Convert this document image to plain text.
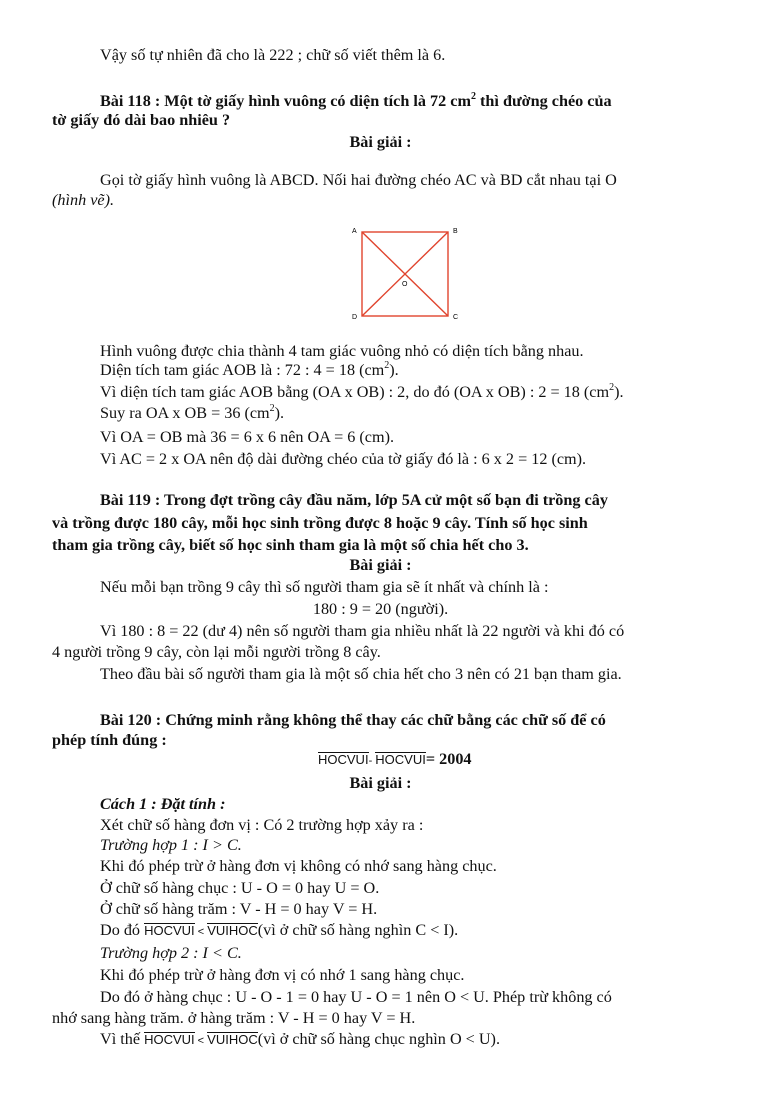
Vậy số tự nhiên đã cho là 222 ; chữ số viết thêm là 6.
Bài 118 : Một tờ giấy hình vuông có diện tích là 72 $cm^2$ thì đường chéo của
tờ giấy đó dài bao nhiêu ?
Bài giải :
Gọi tờ giấy hình vuông là ABCD. Nối hai đường chéo AC và BD cắt nhau tại O
(hình vẽ).
A	B
C
D
O
Hình vuông được chia thành 4 tam giác vuông nhỏ có diện tích bằng nhau.
Diện tích tam giác AOB là : 72 : 4 = 18 $(cm^2)$.
Vì diện tích tam giác AOB bằng (OA x OB) : 2, do đó (OA x OB) : 2 = 18 $(cm^2)$.
Suy ra OA x OB = 36 $(cm^2)$.
Vì OA = OB mà 36 = 6 x 6 nên OA = 6 (cm).
Vì AC = 2 x OA nên độ dài đường chéo của tờ giấy đó là : 6 x 2 = 12 (cm).
Bài 119 : Trong đợt trồng cây đầu năm, lớp 5A cử một số bạn đi trồng cây
và trồng được 180 cây, mỗi học sinh trồng được 8 hoặc 9 cây. Tính số học sinh
tham gia trồng cây, biết số học sinh tham gia là một số chia hết cho 3.
Bài giải :
Nếu mỗi bạn trồng 9 cây thì số người tham gia sẽ ít nhất và chính là :
180 : 9 = 20 (người).
Vì 180 : 8 = 22 (dư 4) nên số người tham gia nhiều nhất là 22 người và khi đó có
4 người trồng 9 cây, còn lại mỗi người trồng 8 cây.
Theo đầu bài số người tham gia là một số chia hết cho 3 nên có 21 bạn tham gia.
Bài 120 : Chứng minh rằng không thể thay các chữ bằng các chữ số để có
phép tính đúng :
HOCVUI- HOCVUI= 2004
Bài giải :
Cách 1 : Đặt tính :
Xét chữ số hàng đơn vị : Có 2 trường hợp xảy ra :
Trường hợp 1 : I > C.
Khi đó phép trừ ở hàng đơn vị không có nhớ sang hàng chục.
Ở chữ số hàng chục : U - O = 0 hay U = O.
Ở chữ số hàng trăm : V - H = 0 hay V = H.
Do đó HOCVUI < VUIHOC(vì ở chữ số hàng nghìn C < I).
Trường hợp 2 : I < C.
Khi đó phép trừ ở hàng đơn vị có nhớ 1 sang hàng chục.
Do đó ở hàng chục : U - O - 1 = 0 hay U - O = 1 nên O < U. Phép trừ không có
nhớ sang hàng trăm. ở hàng trăm : V - H = 0 hay V = H.
Vì thế HOCVUI < VUIHOC(vì ở chữ số hàng chục nghìn O < U).
